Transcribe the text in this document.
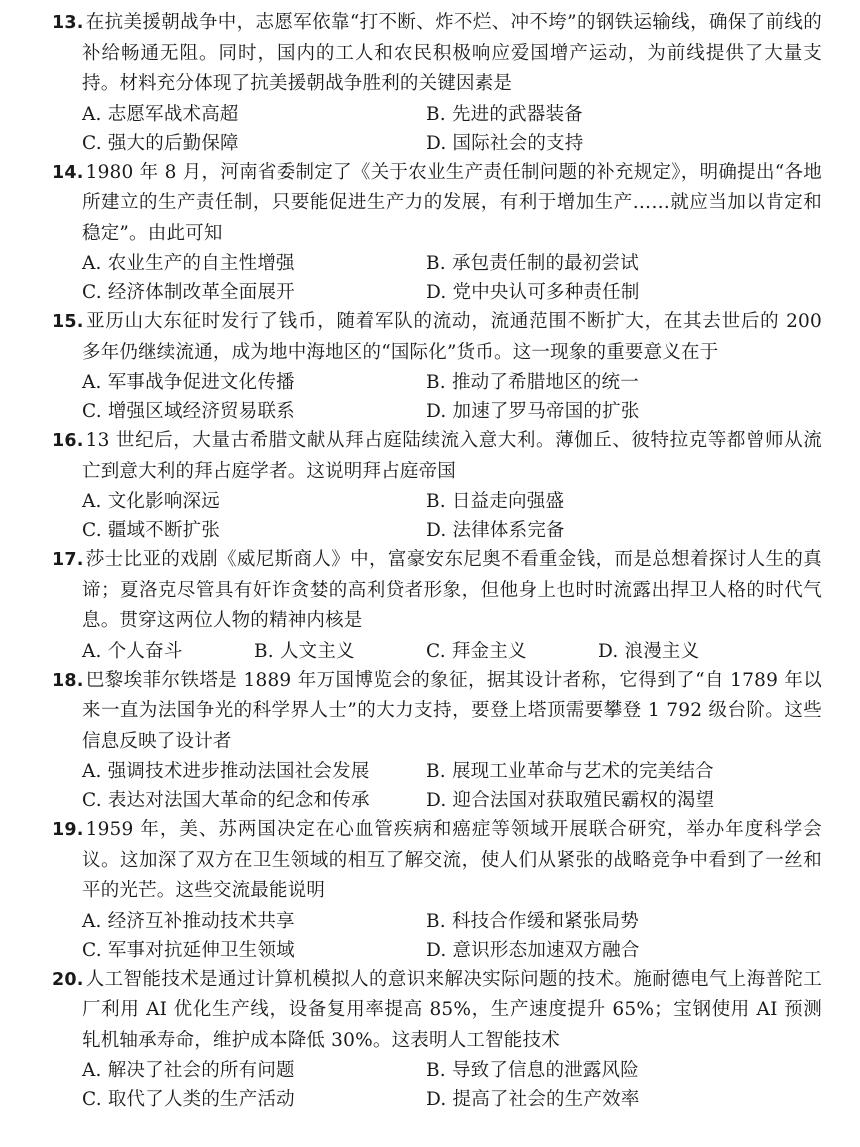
13. 在抗美援朝战争中，志愿军依靠“打不断、炸不烂、冲不垮”的钢铁运输线，确保了前线的补给畅通无阻。同时，国内的工人和农民积极响应爱国增产运动，为前线提供了大量支持。材料充分体现了抗美援朝战争胜利的关键因素是

A. 志愿军战术高超	B. 先进的武器装备
C. 强大的后勤保障	D. 国际社会的支持

14. 1980 年 8 月，河南省委制定了《关于农业生产责任制问题的补充规定》，明确提出“各地所建立的生产责任制，只要能促进生产力的发展，有利于增加生产……就应当加以肯定和稳定”。由此可知

A. 农业生产的自主性增强	B. 承包责任制的最初尝试
C. 经济体制改革全面展开	D. 党中央认可多种责任制

15. 亚历山大东征时发行了钱币，随着军队的流动，流通范围不断扩大，在其去世后的 200 多年仍继续流通，成为地中海地区的“国际化”货币。这一现象的重要意义在于

A. 军事战争促进文化传播	B. 推动了希腊地区的统一
C. 增强区域经济贸易联系	D. 加速了罗马帝国的扩张

16. 13 世纪后，大量古希腊文献从拜占庭陆续流入意大利。薄伽丘、彼特拉克等都曾师从流亡到意大利的拜占庭学者。这说明拜占庭帝国

A. 文化影响深远	B. 日益走向强盛
C. 疆域不断扩张	D. 法律体系完备

17. 莎士比亚的戏剧《威尼斯商人》中，富豪安东尼奥不看重金钱，而是总想着探讨人生的真谛；夏洛克尽管具有奸诈贪婪的高利贷者形象，但他身上也时时流露出捍卫人格的时代气息。贯穿这两位人物的精神内核是

A. 个人奋斗	B. 人文主义	C. 拜金主义	D. 浪漫主义

18. 巴黎埃菲尔铁塔是 1889 年万国博览会的象征，据其设计者称，它得到了“自 1789 年以来一直为法国争光的科学界人士”的大力支持，要登上塔顶需要攀登 1 792 级台阶。这些信息反映了设计者

A. 强调技术进步推动法国社会发展	B. 展现工业革命与艺术的完美结合
C. 表达对法国大革命的纪念和传承	D. 迎合法国对获取殖民霸权的渴望

19. 1959 年，美、苏两国决定在心血管疾病和癌症等领域开展联合研究，举办年度科学会议。这加深了双方在卫生领域的相互了解交流，使人们从紧张的战略竞争中看到了一丝和平的光芒。这些交流最能说明

A. 经济互补推动技术共享	B. 科技合作缓和紧张局势
C. 军事对抗延伸卫生领域	D. 意识形态加速双方融合

20. 人工智能技术是通过计算机模拟人的意识来解决实际问题的技术。施耐德电气上海普陀工厂利用 AI 优化生产线，设备复用率提高 85%，生产速度提升 65%；宝钢使用 AI 预测轧机轴承寿命，维护成本降低 30%。这表明人工智能技术

A. 解决了社会的所有问题	B. 导致了信息的泄露风险
C. 取代了人类的生产活动	D. 提高了社会的生产效率
